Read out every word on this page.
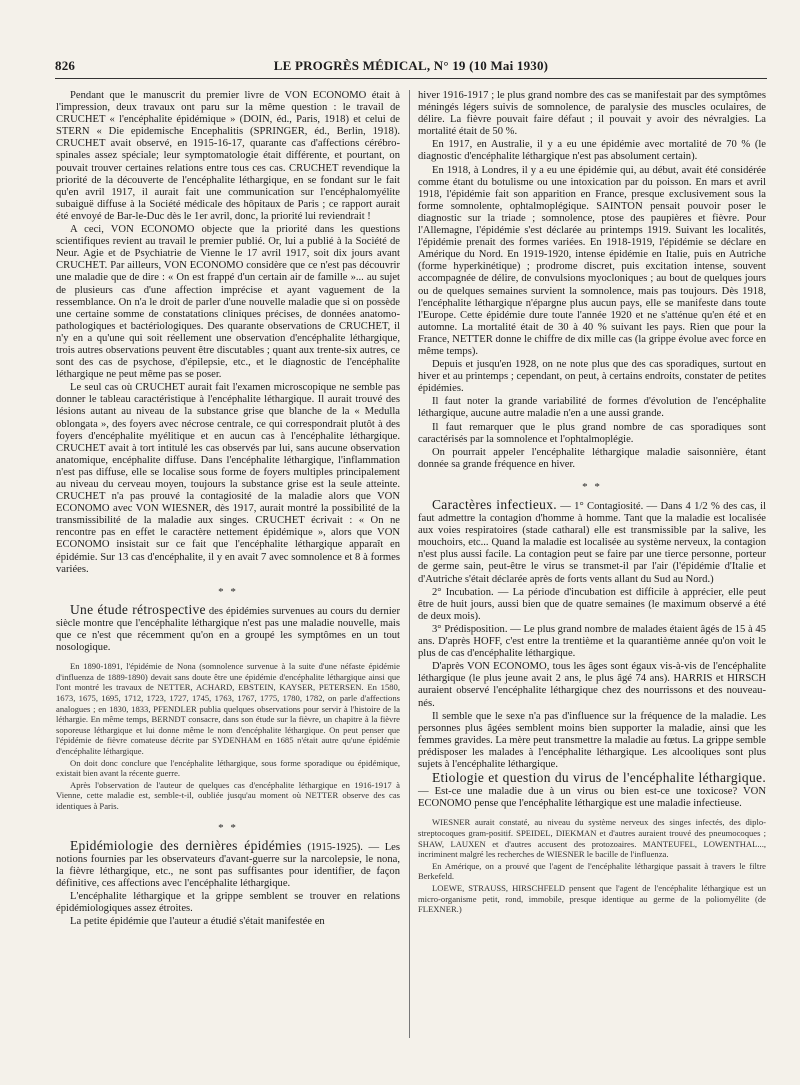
826	LE PROGRÈS MÉDICAL, N° 19 (10 Mai 1930)

Pendant que le manuscrit du premier livre de VON ECONOMO était à l'impression, deux travaux ont paru sur la même question : le travail de CRUCHET « l'encéphalite épidémique » (DOIN, éd., Paris, 1918) et celui de STERN « Die epidemische Encephalitis (SPRINGER, éd., Berlin, 1918). CRUCHET avait observé, en 1915-16-17, quarante cas d'affections cérébro-spinales assez spéciale; leur symptomatologie était différente, et pourtant, on pouvait trouver certaines relations entre tous ces cas. CRUCHET revendique la priorité de la découverte de l'encéphalite léthargique, en se fondant sur le fait qu'en avril 1917, il aurait fait une communication sur l'encéphalomyélite subaiguë diffuse à la Société médicale des hôpitaux de Paris ; ce rapport aurait été envoyé de Bar-le-Duc dès le 1er avril, donc, la priorité lui reviendrait !

A ceci, VON ECONOMO objecte que la priorité dans les questions scientifiques revient au travail le premier publié. Or, lui a publié à la Société de Neur. Agie et de Psychiatrie de Vienne le 17 avril 1917, soit dix jours avant CRUCHET. Par ailleurs, VON ECONOMO considère que ce n'est pas découvrir une maladie que de dire : « On est frappé d'un certain air de famille »... au sujet de plusieurs cas d'une affection imprécise et ayant vaguement de la ressemblance. On n'a le droit de parler d'une nouvelle maladie que si on possède une certaine somme de constatations cliniques précises, de données anatomo-pathologiques et bactériologiques. Des quarante observations de CRUCHET, il n'y en a qu'une qui soit réellement une observation d'encéphalite léthargique, trois autres observations peuvent être discutables ; quant aux trente-six autres, ce sont des cas de psychose, d'épilepsie, etc., et le diagnostic de l'encéphalite léthargique ne peut même pas se poser.

Le seul cas où CRUCHET aurait fait l'examen microscopique ne semble pas donner le tableau caractéristique à l'encéphalite léthargique. Il aurait trouvé des lésions autant au niveau de la substance grise que blanche de la « Medulla oblongata », des foyers avec nécrose centrale, ce qui correspondrait plutôt à des foyers d'encéphalite myélitique et en aucun cas à l'encéphalite léthargique. CRUCHET avait à tort intitulé les cas observés par lui, sans aucune observation anatomique, encéphalite diffuse. Dans l'encéphalite léthargique, l'inflammation n'est pas diffuse, elle se localise sous forme de foyers multiples principalement au niveau du cerveau moyen, toujours la substance grise est la seule atteinte. CRUCHET n'a pas prouvé la contagiosité de la maladie alors que VON ECONOMO avec VON WIESNER, dès 1917, aurait montré la possibilité de la transmissibilité de la maladie aux singes. CRUCHET écrivait : « On ne rencontre pas en effet le caractère nettement épidémique », alors que VON ECONOMO insistait sur ce fait que l'encéphalite léthargique apparaît en épidémie. Sur 13 cas d'encéphalite, il y en avait 7 avec somnolence et 8 à formes variées.

* *

Une étude rétrospective des épidémies survenues au cours du dernier siècle montre que l'encéphalite léthargique n'est pas une maladie nouvelle, mais que ce n'est que récemment qu'on en a groupé les symptômes en un tout nosologique.

En 1890-1891, l'épidémie de Nona (somnolence survenue à la suite d'une néfaste épidémie d'influenza de 1889-1890) devait sans doute être une épidémie d'encéphalite léthargique ainsi que l'ont montré les travaux de NETTER, ACHARD, EBSTEIN, KAYSER, PETERSEN. En 1580, 1673, 1675, 1695, 1712, 1723, 1727, 1745, 1763, 1767, 1775, 1780, 1782, on parle d'affections analogues ; en 1830, 1833, PFENDLER publia quelques observations pour servir à l'histoire de la léthargie. En même temps, BERNDT consacre, dans son étude sur la fièvre, un chapitre à la fièvre soporeuse léthargique et lui donne même le nom d'encéphalite léthargique. On peut penser que l'épidémie de fièvre comateuse décrite par SYDENHAM en 1685 n'était autre qu'une épidémie d'encéphalite léthargique.

On doit donc conclure que l'encéphalite léthargique, sous forme sporadique ou épidémique, existait bien avant la récente guerre.

Après l'observation de l'auteur de quelques cas d'encéphalite léthargique en 1916-1917 à Vienne, cette maladie est, semble-t-il, oubliée jusqu'au moment où NETTER observe des cas identiques à Paris.

* *

Epidémiologie des dernières épidémies (1915-1925). — Les notions fournies par les observateurs d'avant-guerre sur la narcolepsie, le nona, la fièvre léthargique, etc., ne sont pas suffisantes pour identifier, de façon définitive, ces affections avec l'encéphalite léthargique.

L'encéphalite léthargique et la grippe semblent se trouver en relations épidémiologiques assez étroites.

La petite épidémie que l'auteur a étudié s'était manifestée en

hiver 1916-1917 ; le plus grand nombre des cas se manifestait par des symptômes méningés légers suivis de somnolence, de paralysie des muscles oculaires, de délire. La fièvre pouvait faire défaut ; il pouvait y avoir des névralgies. La mortalité était de 50 %.

En 1917, en Australie, il y a eu une épidémie avec mortalité de 70 % (le diagnostic d'encéphalite léthargique n'est pas absolument certain).

En 1918, à Londres, il y a eu une épidémie qui, au début, avait été considérée comme étant du botulisme ou une intoxication par du poisson. En mars et avril 1918, l'épidémie fait son apparition en France, presque exclusivement sous la forme somnolente, ophtalmoplégique. SAINTON pensait pouvoir poser le diagnostic sur la triade ; somnolence, ptose des paupières et fièvre. Pour l'Allemagne, l'épidémie s'est déclarée au printemps 1919. Suivant les localités, l'épidémie prenait des formes variées. En 1918-1919, l'épidémie se déclare en Amérique du Nord. En 1919-1920, intense épidémie en Italie, puis en Autriche (forme hyperkinétique) ; prodrome discret, puis excitation intense, souvent accompagnée de délire, de convulsions myocloniques ; au bout de quelques jours ou de quelques semaines survient la somnolence, mais pas toujours. Dès 1918, l'encéphalite léthargique n'épargne plus aucun pays, elle se manifeste dans toute l'Europe. Cette épidémie dure toute l'année 1920 et ne s'atténue qu'en été et en automne. La mortalité était de 30 à 40 % suivant les pays. Rien que pour la France, NETTER donne le chiffre de dix mille cas (la grippe évolue avec force en même temps).

Depuis et jusqu'en 1928, on ne note plus que des cas sporadiques, surtout en hiver et au printemps ; cependant, on peut, à certains endroits, constater de petites épidémies.

Il faut noter la grande variabilité de formes d'évolution de l'encéphalite léthargique, aucune autre maladie n'en a une aussi grande.

Il faut remarquer que le plus grand nombre de cas sporadiques sont caractérisés par la somnolence et l'ophtalmoplégie.

On pourrait appeler l'encéphalite léthargique maladie saisonnière, étant donnée sa grande fréquence en hiver.

* *

Caractères infectieux. — 1° Contagiosité. — Dans 4 1/2 % des cas, il faut admettre la contagion d'homme à homme. Tant que la maladie est localisée aux voies respiratoires (stade catharal) elle est transmissible par la salive, les mouchoirs, etc... Quand la maladie est localisée au système nerveux, la contagion n'est plus aussi facile. La contagion peut se faire par une tierce personne, porteur de germe sain, peut-être le virus se transmet-il par l'air (l'épidémie d'Italie et d'Autriche s'était déclarée après de forts vents allant du Sud au Nord.)

2° Incubation. — La période d'incubation est difficile à apprécier, elle peut être de huit jours, aussi bien que de quatre semaines (le maximum observé a été de deux mois).

3° Prédisposition. — Le plus grand nombre de malades étaient âgés de 15 à 45 ans. D'après HOFF, c'est entre la trentième et la quarantième année qu'on voit le plus de cas d'encéphalite léthargique.

D'après VON ECONOMO, tous les âges sont égaux vis-à-vis de l'encéphalite léthargique (le plus jeune avait 2 ans, le plus âgé 74 ans). HARRIS et HIRSCH auraient observé l'encéphalite léthargique chez des nourrissons et des nouveau-nés.

Il semble que le sexe n'a pas d'influence sur la fréquence de la maladie. Les personnes plus âgées semblent moins bien supporter la maladie, ainsi que les femmes gravides. La mère peut transmettre la maladie au fœtus. La grippe semble prédisposer les malades à l'encéphalite léthargique. Les alcooliques sont plus sujets à l'encéphalite léthargique.

Etiologie et question du virus de l'encéphalite léthargique. — Est-ce une maladie due à un virus ou bien est-ce une toxicose? VON ECONOMO pense que l'encéphalite léthargique est une maladie infectieuse.

WIESNER aurait constaté, au niveau du système nerveux des singes infectés, des diplo-streptocoques gram-positif. SPEIDEL, DIEKMAN et d'autres auraient trouvé des pneumocoques ; SHAW, LAUXEN et d'autres accusent des protozoaires. MANTEUFEL, LOWENTHAL..., incriminent malgré les recherches de WIESNER le bacille de l'influenza.

En Amérique, on a prouvé que l'agent de l'encéphalite léthargique passait à travers le filtre Berkefeld.

LOEWE, STRAUSS, HIRSCHFELD pensent que l'agent de l'encéphalite léthargique est un micro-organisme petit, rond, immobile, presque identique au germe de la poliomyélite (de FLEXNER.)
